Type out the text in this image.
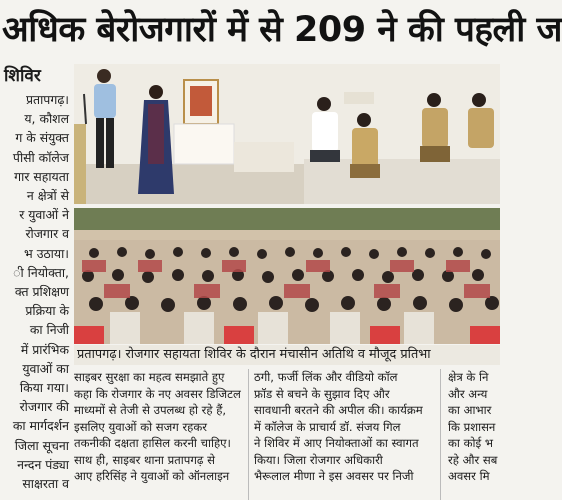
अधिक बेरोजगारों में से 209 ने की पहली ज
शिविर
प्रतापगढ़।
य, कौशल
ग के संयुक्त
पीसी कॉलेज
गार सहायता
न क्षेत्रों से
र युवाओं ने
रोजगार व
भ उठाया।
ी नियोक्ता,
क्त प्रशिक्षण
प्रक्रिया के
का निजी
में प्रारंभिक
युवाओं का
किया गया।
रोजगार की
का मार्गदर्शन
जिला सूचना
नन्दन पंड्या
साक्षरता व
प्रतापगढ़। रोजगार सहायता शिविर के दौरान मंचासीन अतिथि व मौजूद प्रतिभा
साइबर सुरक्षा का महत्व समझाते हुए
कहा कि रोजगार के नए अवसर डिजिटल
माध्यमों से तेजी से उपलब्ध हो रहे हैं,
इसलिए युवाओं को सजग रहकर
तकनीकी दक्षता हासिल करनी चाहिए।
साथ ही, साइबर थाना प्रतापगढ़ से
आए हरिसिंह ने युवाओं को ऑनलाइन
ठगी, फर्जी लिंक और वीडियो कॉल
फ्रॉड से बचने के सुझाव दिए और
सावधानी बरतने की अपील की। कार्यक्रम
में कॉलेज के प्राचार्य डॉ. संजय गिल
ने शिविर में आए नियोक्ताओं का स्वागत
किया। जिला रोजगार अधिकारी
भैरूलाल मीणा ने इस अवसर पर निजी
क्षेत्र के नि
और अन्य
का आभार
कि प्रशासन
का कोई भ
रहे और सब
अवसर मि
